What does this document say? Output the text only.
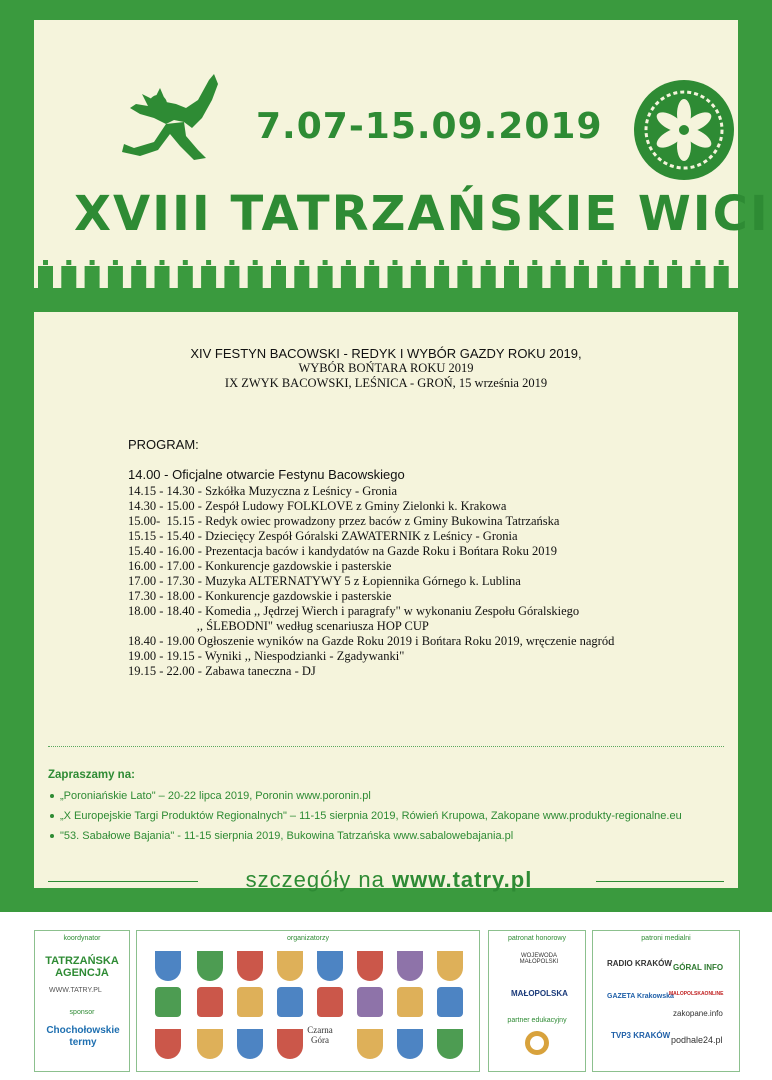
7.07-15.09.2019
XVIII TATRZAŃSKIE WICI
XIV FESTYN BACOWSKI - REDYK I WYBÓR GAZDY ROKU 2019,
WYBÓR BOŃTARA ROKU 2019
IX ZWYK BACOWSKI, LEŚNICA - GROŃ, 15 września 2019
PROGRAM:
14.00 - Oficjalne otwarcie Festynu Bacowskiego
14.15 - 14.30 - Szkółka Muzyczna z Leśnicy - Gronia
14.30 - 15.00 - Zespół Ludowy FOLKLOVE z Gminy Zielonki k. Krakowa
15.00-  15.15 - Redyk owiec prowadzony przez baców z Gminy Bukowina Tatrzańska
15.15 - 15.40 - Dziecięcy Zespół Góralski ZAWATERNIK z Leśnicy - Gronia
15.40 - 16.00 - Prezentacja baców i kandydatów na Gazde Roku i Bońtara Roku 2019
16.00 - 17.00 - Konkurencje gazdowskie i pasterskie
17.00 - 17.30 - Muzyka ALTERNATYWY 5 z Łopiennika Górnego k. Lublina
17.30 - 18.00 - Konkurencje gazdowskie i pasterskie
18.00 - 18.40 - Komedia ,, Jędrzej Wierch i paragrafy" w wykonaniu Zespołu Góralskiego
,, ŚLEBODNI" według scenariusza HOP CUP
18.40 - 19.00 Ogłoszenie wyników na Gazde Roku 2019 i Bońtara Roku 2019, wręczenie nagród
19.00 - 19.15 - Wyniki ,, Niespodzianki - Zgadywanki"
19.15 - 22.00 - Zabawa taneczna - DJ
Zapraszamy na:
„Poroniańskie Lato" – 20-22 lipca 2019, Poronin www.poronin.pl
„X Europejskie Targi Produktów Regionalnych" – 11-15 sierpnia 2019, Rówień Krupowa, Zakopane www.produkty-regionalne.eu
"53. Sabałowe Bajania" - 11-15 sierpnia 2019, Bukowina Tatrzańska www.sabalowebajania.pl
szczegóły na www.tatry.pl
koordynator
TATRZAŃSKA AGENCJA
WWW.TATRY.PL
sponsor
Chochołowskie termy
organizatorzy
Czarna Góra
patronat honorowy
WOJEWODA MAŁOPOLSKI
MAŁOPOLSKA
partner edukacyjny
patroni medialni
RADIO KRAKÓW GÓRAL INFO
GAZETA Krakowska
MALOPOLSKAONLINE
zakopane.info
TVP3 KRAKÓW podhale24.pl
